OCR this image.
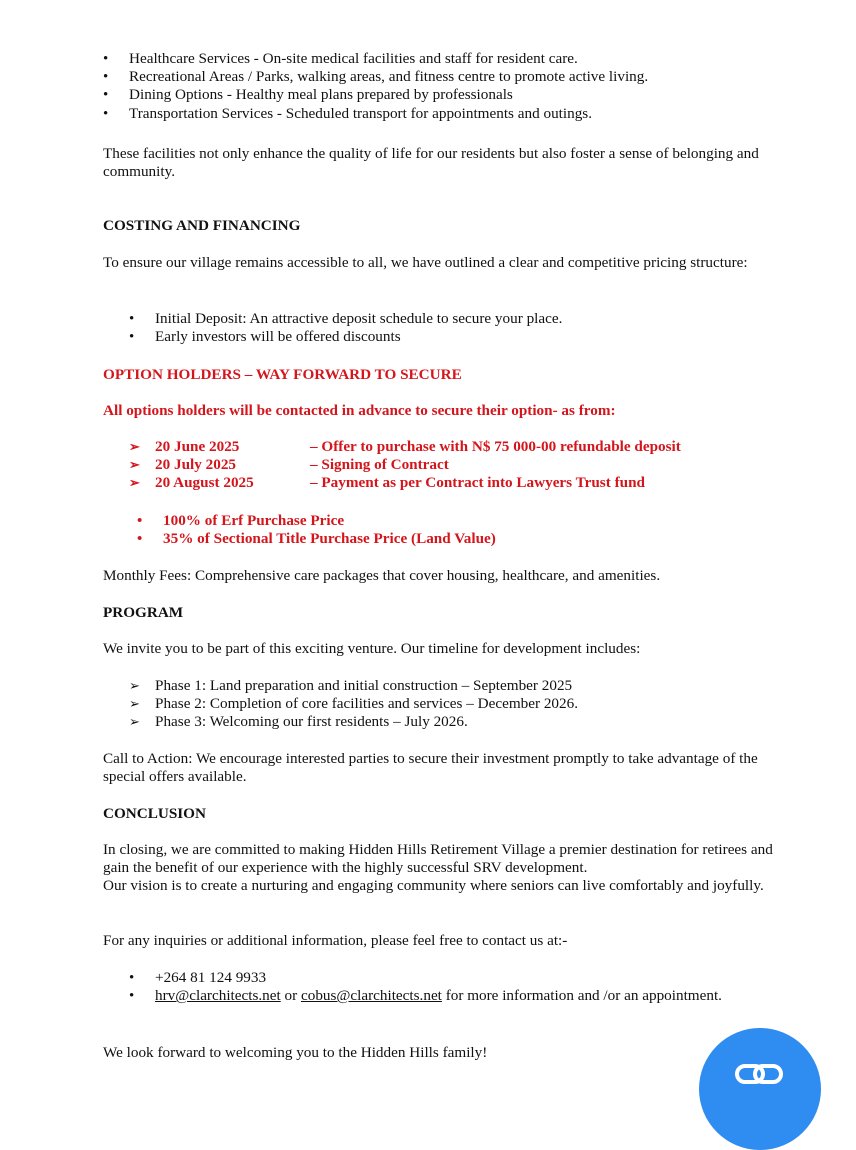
• Healthcare Services - On-site medical facilities and staff for resident care.
• Recreational Areas / Parks, walking areas, and fitness centre to promote active living.
• Dining Options - Healthy meal plans prepared by professionals
• Transportation Services - Scheduled transport for appointments and outings.

These facilities not only enhance the quality of life for our residents but also foster a sense of belonging and community.

COSTING AND FINANCING

To ensure our village remains accessible to all, we have outlined a clear and competitive pricing structure:

• Initial Deposit: An attractive deposit schedule to secure your place.
• Early investors will be offered discounts

OPTION HOLDERS – WAY FORWARD TO SECURE

All options holders will be contacted in advance to secure their option- as from:

➢ 20 June 2025	– Offer to purchase with N$ 75 000-00 refundable deposit
➢ 20 July 2025	– Signing of Contract
➢ 20 August 2025	– Payment as per Contract into Lawyers Trust fund
• 100% of Erf Purchase Price
• 35% of Sectional Title Purchase Price (Land Value)

Monthly Fees: Comprehensive care packages that cover housing, healthcare, and amenities.

PROGRAM

We invite you to be part of this exciting venture. Our timeline for development includes:

➢ Phase 1: Land preparation and initial construction – September 2025
➢ Phase 2: Completion of core facilities and services – December 2026.
➢ Phase 3: Welcoming our first residents – July 2026.

Call to Action: We encourage interested parties to secure their investment promptly to take advantage of the special offers available.

CONCLUSION

In closing, we are committed to making Hidden Hills Retirement Village a premier destination for retirees and gain the benefit of our experience with the highly successful SRV development.

Our vision is to create a nurturing and engaging community where seniors can live comfortably and joyfully.

For any inquiries or additional information, please feel free to contact us at:-

• +264 81 124 9933
• hrv@clarchitects.net or cobus@clarchitects.net for more information and /or an appointment.

We look forward to welcoming you to the Hidden Hills family!
